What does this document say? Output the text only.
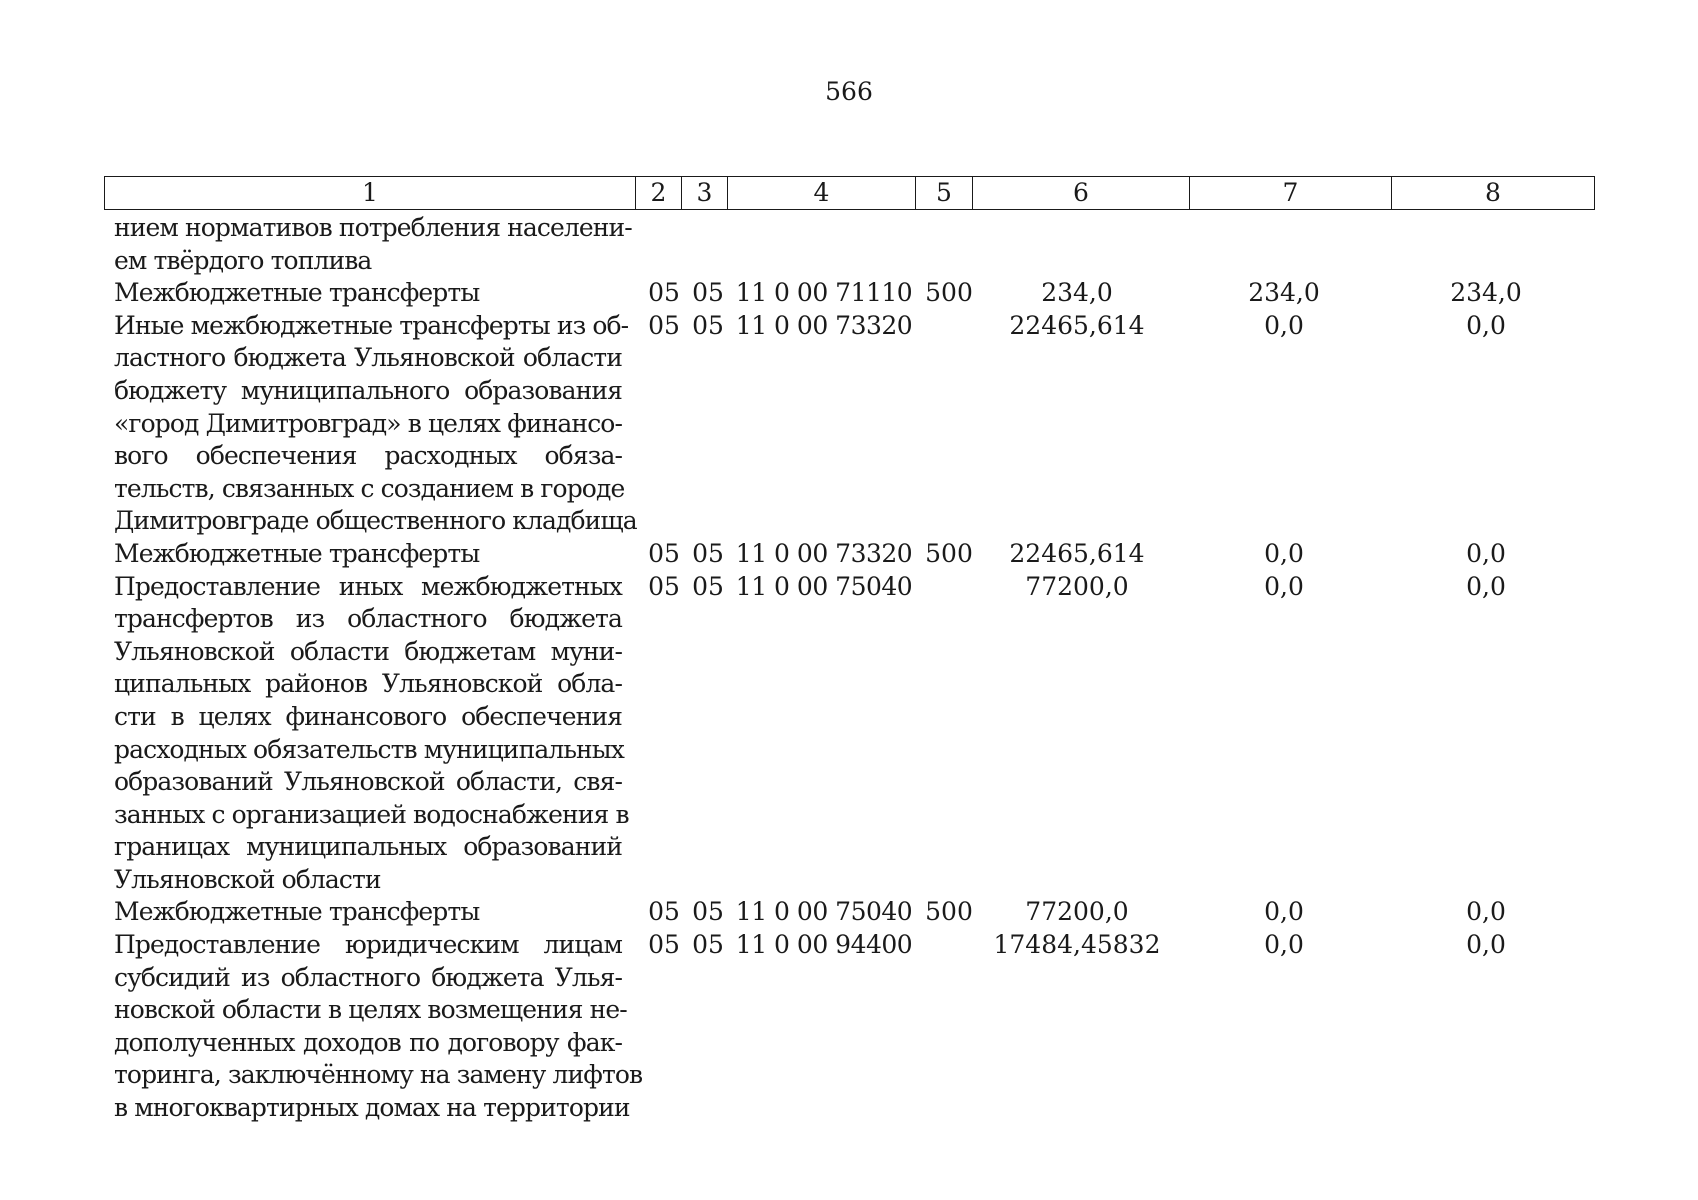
566
1	2	3	4	5	6	7	8
нием нормативов потребления населени-
ем твёрдого топлива
Межбюджетные трансферты	05 05 11 0 00 71110 500	234,0	234,0	234,0
Иные межбюджетные трансферты из об-
ластного бюджета Ульяновской области
бюджету муниципального образования
«город Димитровград» в целях финансо-
вого обеспечения расходных обяза-
тельств, связанных с созданием в городе
Димитровграде общественного кладбища
05 05 11 0 00 73320	22465,614	0,0	0,0
Межбюджетные трансферты	05 05 11 0 00 73320 500	22465,614	0,0	0,0
Предоставление иных межбюджетных
трансфертов из областного бюджета
Ульяновской области бюджетам муни-
ципальных районов Ульяновской обла-
сти в целях финансового обеспечения
расходных обязательств муниципальных
образований Ульяновской области, свя-
занных с организацией водоснабжения в
границах муниципальных образований
Ульяновской области
05 05 11 0 00 75040	77200,0	0,0	0,0
Межбюджетные трансферты	05 05 11 0 00 75040 500	77200,0	0,0	0,0
Предоставление юридическим лицам
субсидий из областного бюджета Улья-
новской области в целях возмещения не-
дополученных доходов по договору фак-
торинга, заключённому на замену лифтов
в многоквартирных домах на территории
05 05 11 0 00 94400	17484,45832	0,0	0,0
